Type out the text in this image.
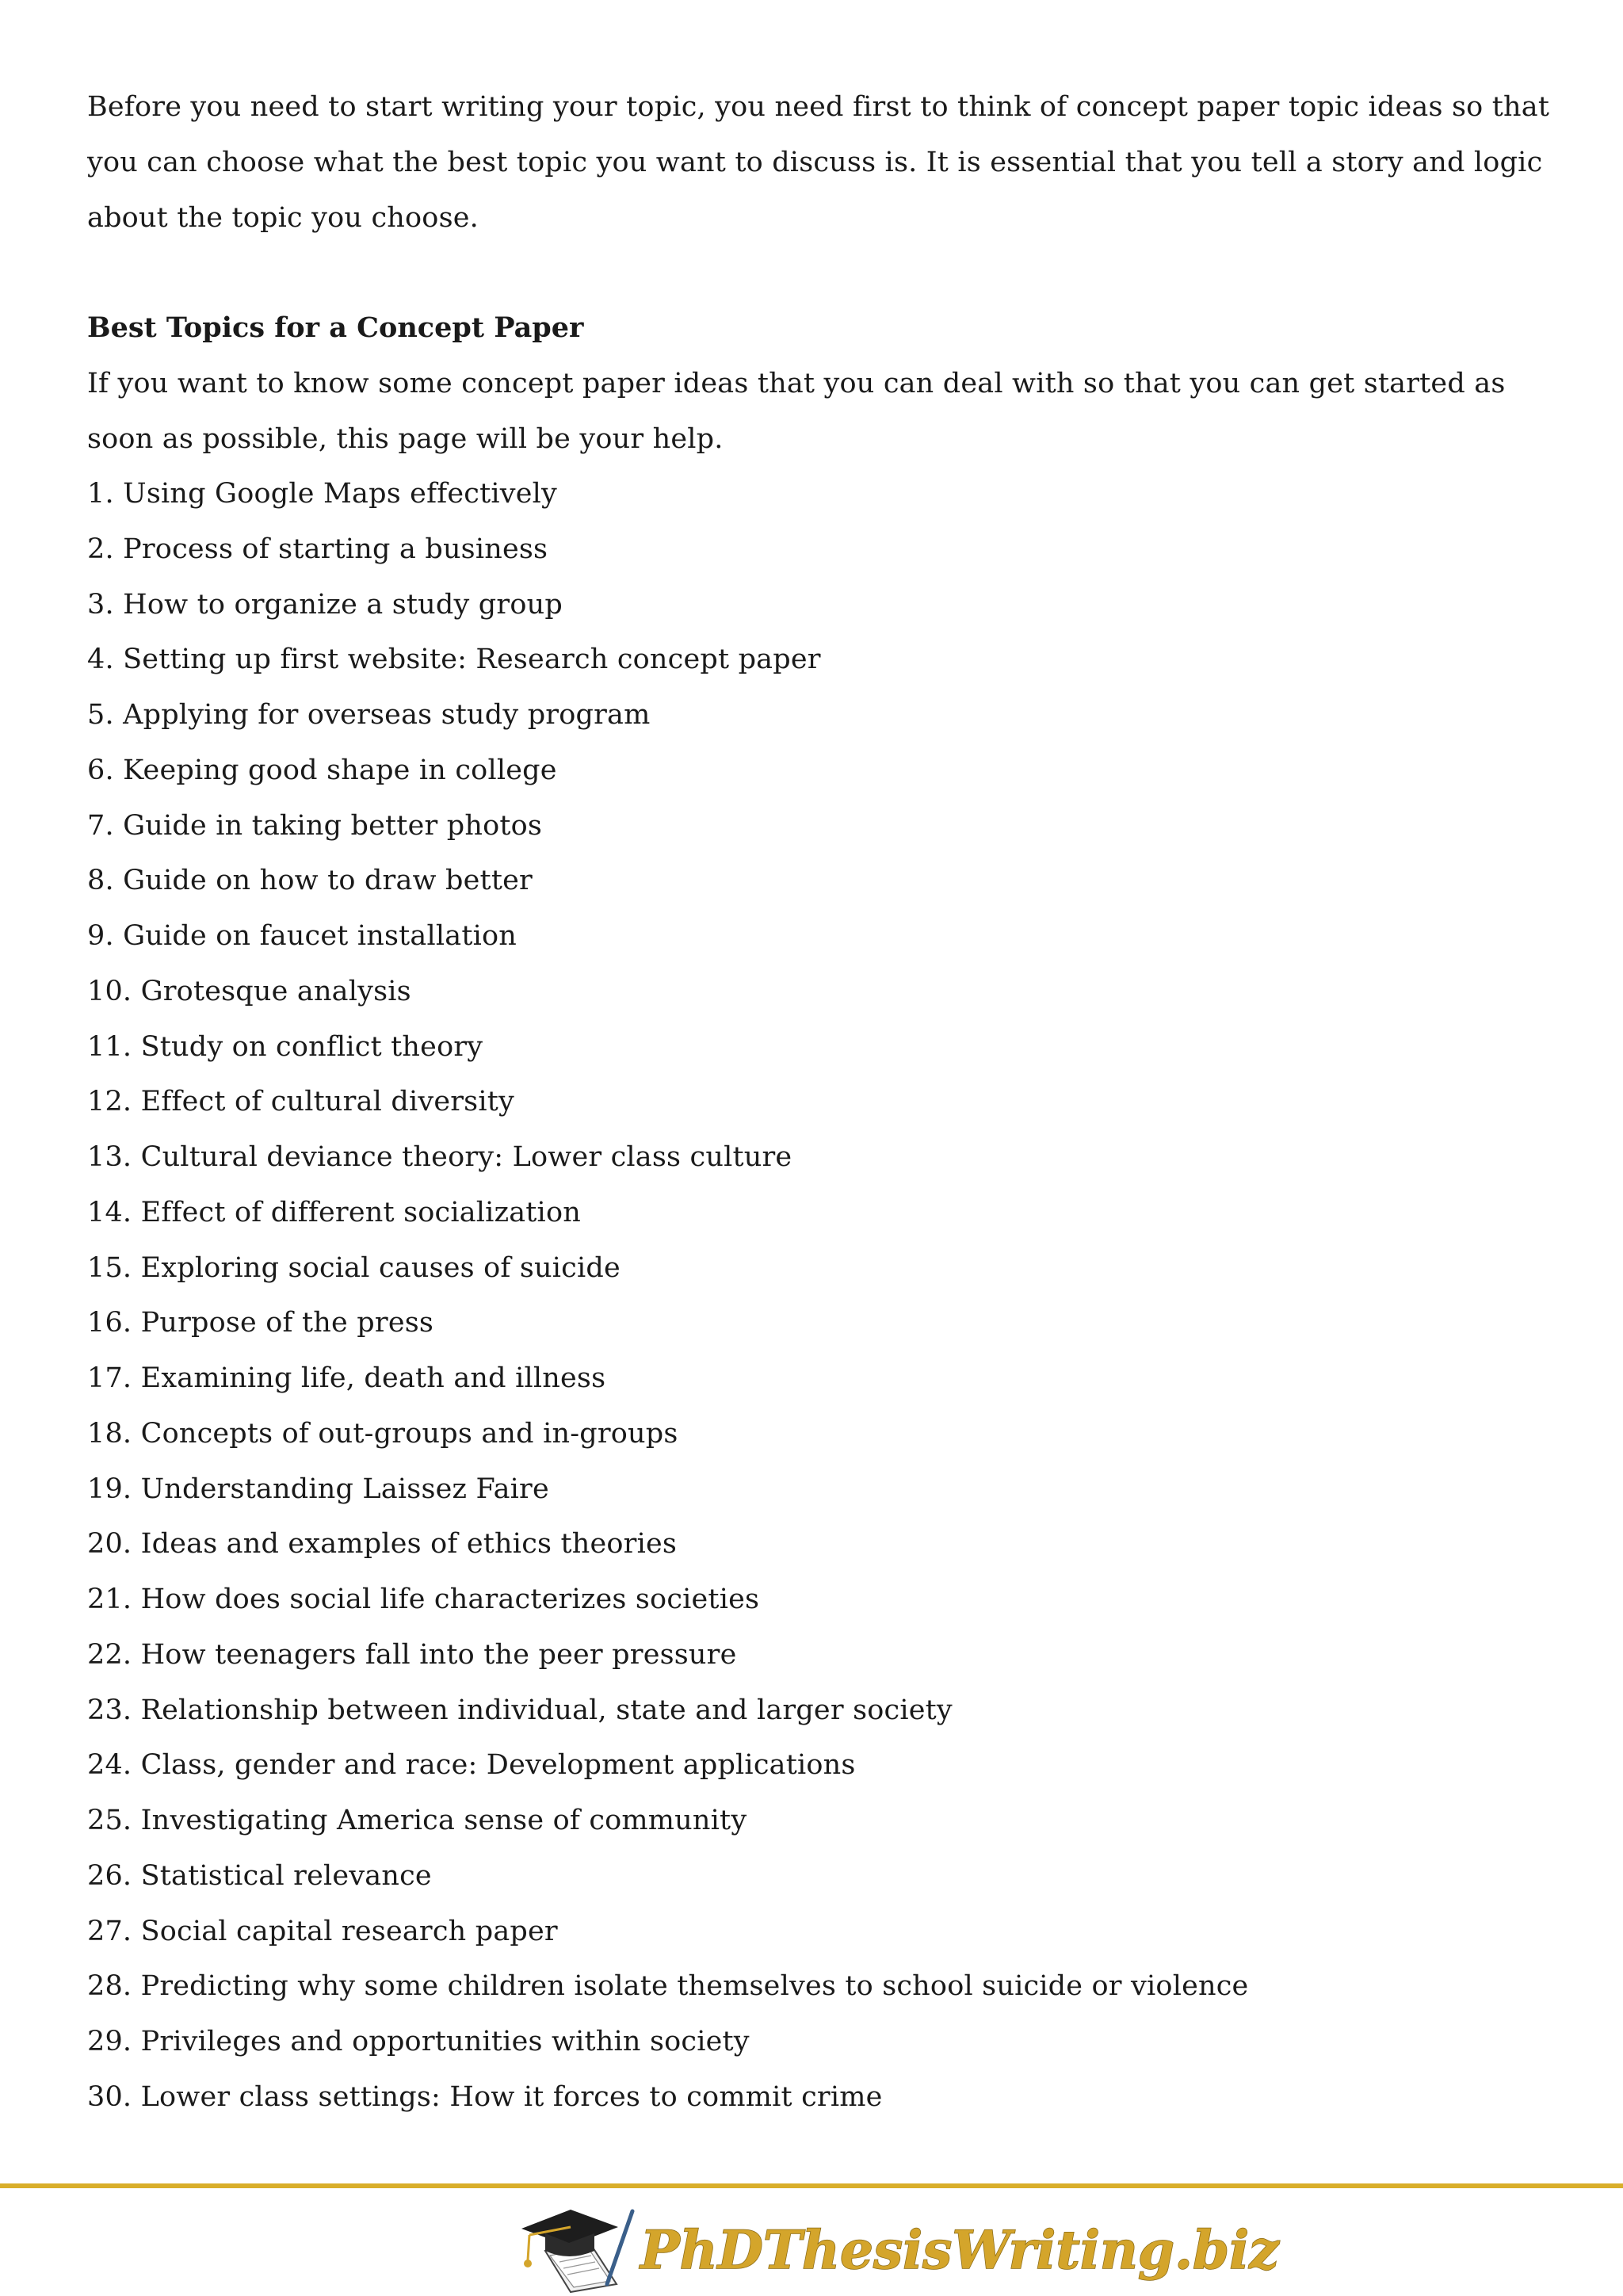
Before you need to start writing your topic, you need first to think of concept paper topic ideas so that you can choose what the best topic you want to discuss is. It is essential that you tell a story and logic about the topic you choose.

Best Topics for a Concept Paper

If you want to know some concept paper ideas that you can deal with so that you can get started as soon as possible, this page will be your help.

1. Using Google Maps effectively
2. Process of starting a business
3. How to organize a study group
4. Setting up first website: Research concept paper
5. Applying for overseas study program
6. Keeping good shape in college
7. Guide in taking better photos
8. Guide on how to draw better
9. Guide on faucet installation
10. Grotesque analysis
11. Study on conflict theory
12. Effect of cultural diversity
13. Cultural deviance theory: Lower class culture
14. Effect of different socialization
15. Exploring social causes of suicide
16. Purpose of the press
17. Examining life, death and illness
18. Concepts of out-groups and in-groups
19. Understanding Laissez Faire
20. Ideas and examples of ethics theories
21. How does social life characterizes societies
22. How teenagers fall into the peer pressure
23. Relationship between individual, state and larger society
24. Class, gender and race: Development applications
25. Investigating America sense of community
26. Statistical relevance
27. Social capital research paper
28. Predicting why some children isolate themselves to school suicide or violence
29. Privileges and opportunities within society
30. Lower class settings: How it forces to commit crime
PhDThesisWriting.biz
